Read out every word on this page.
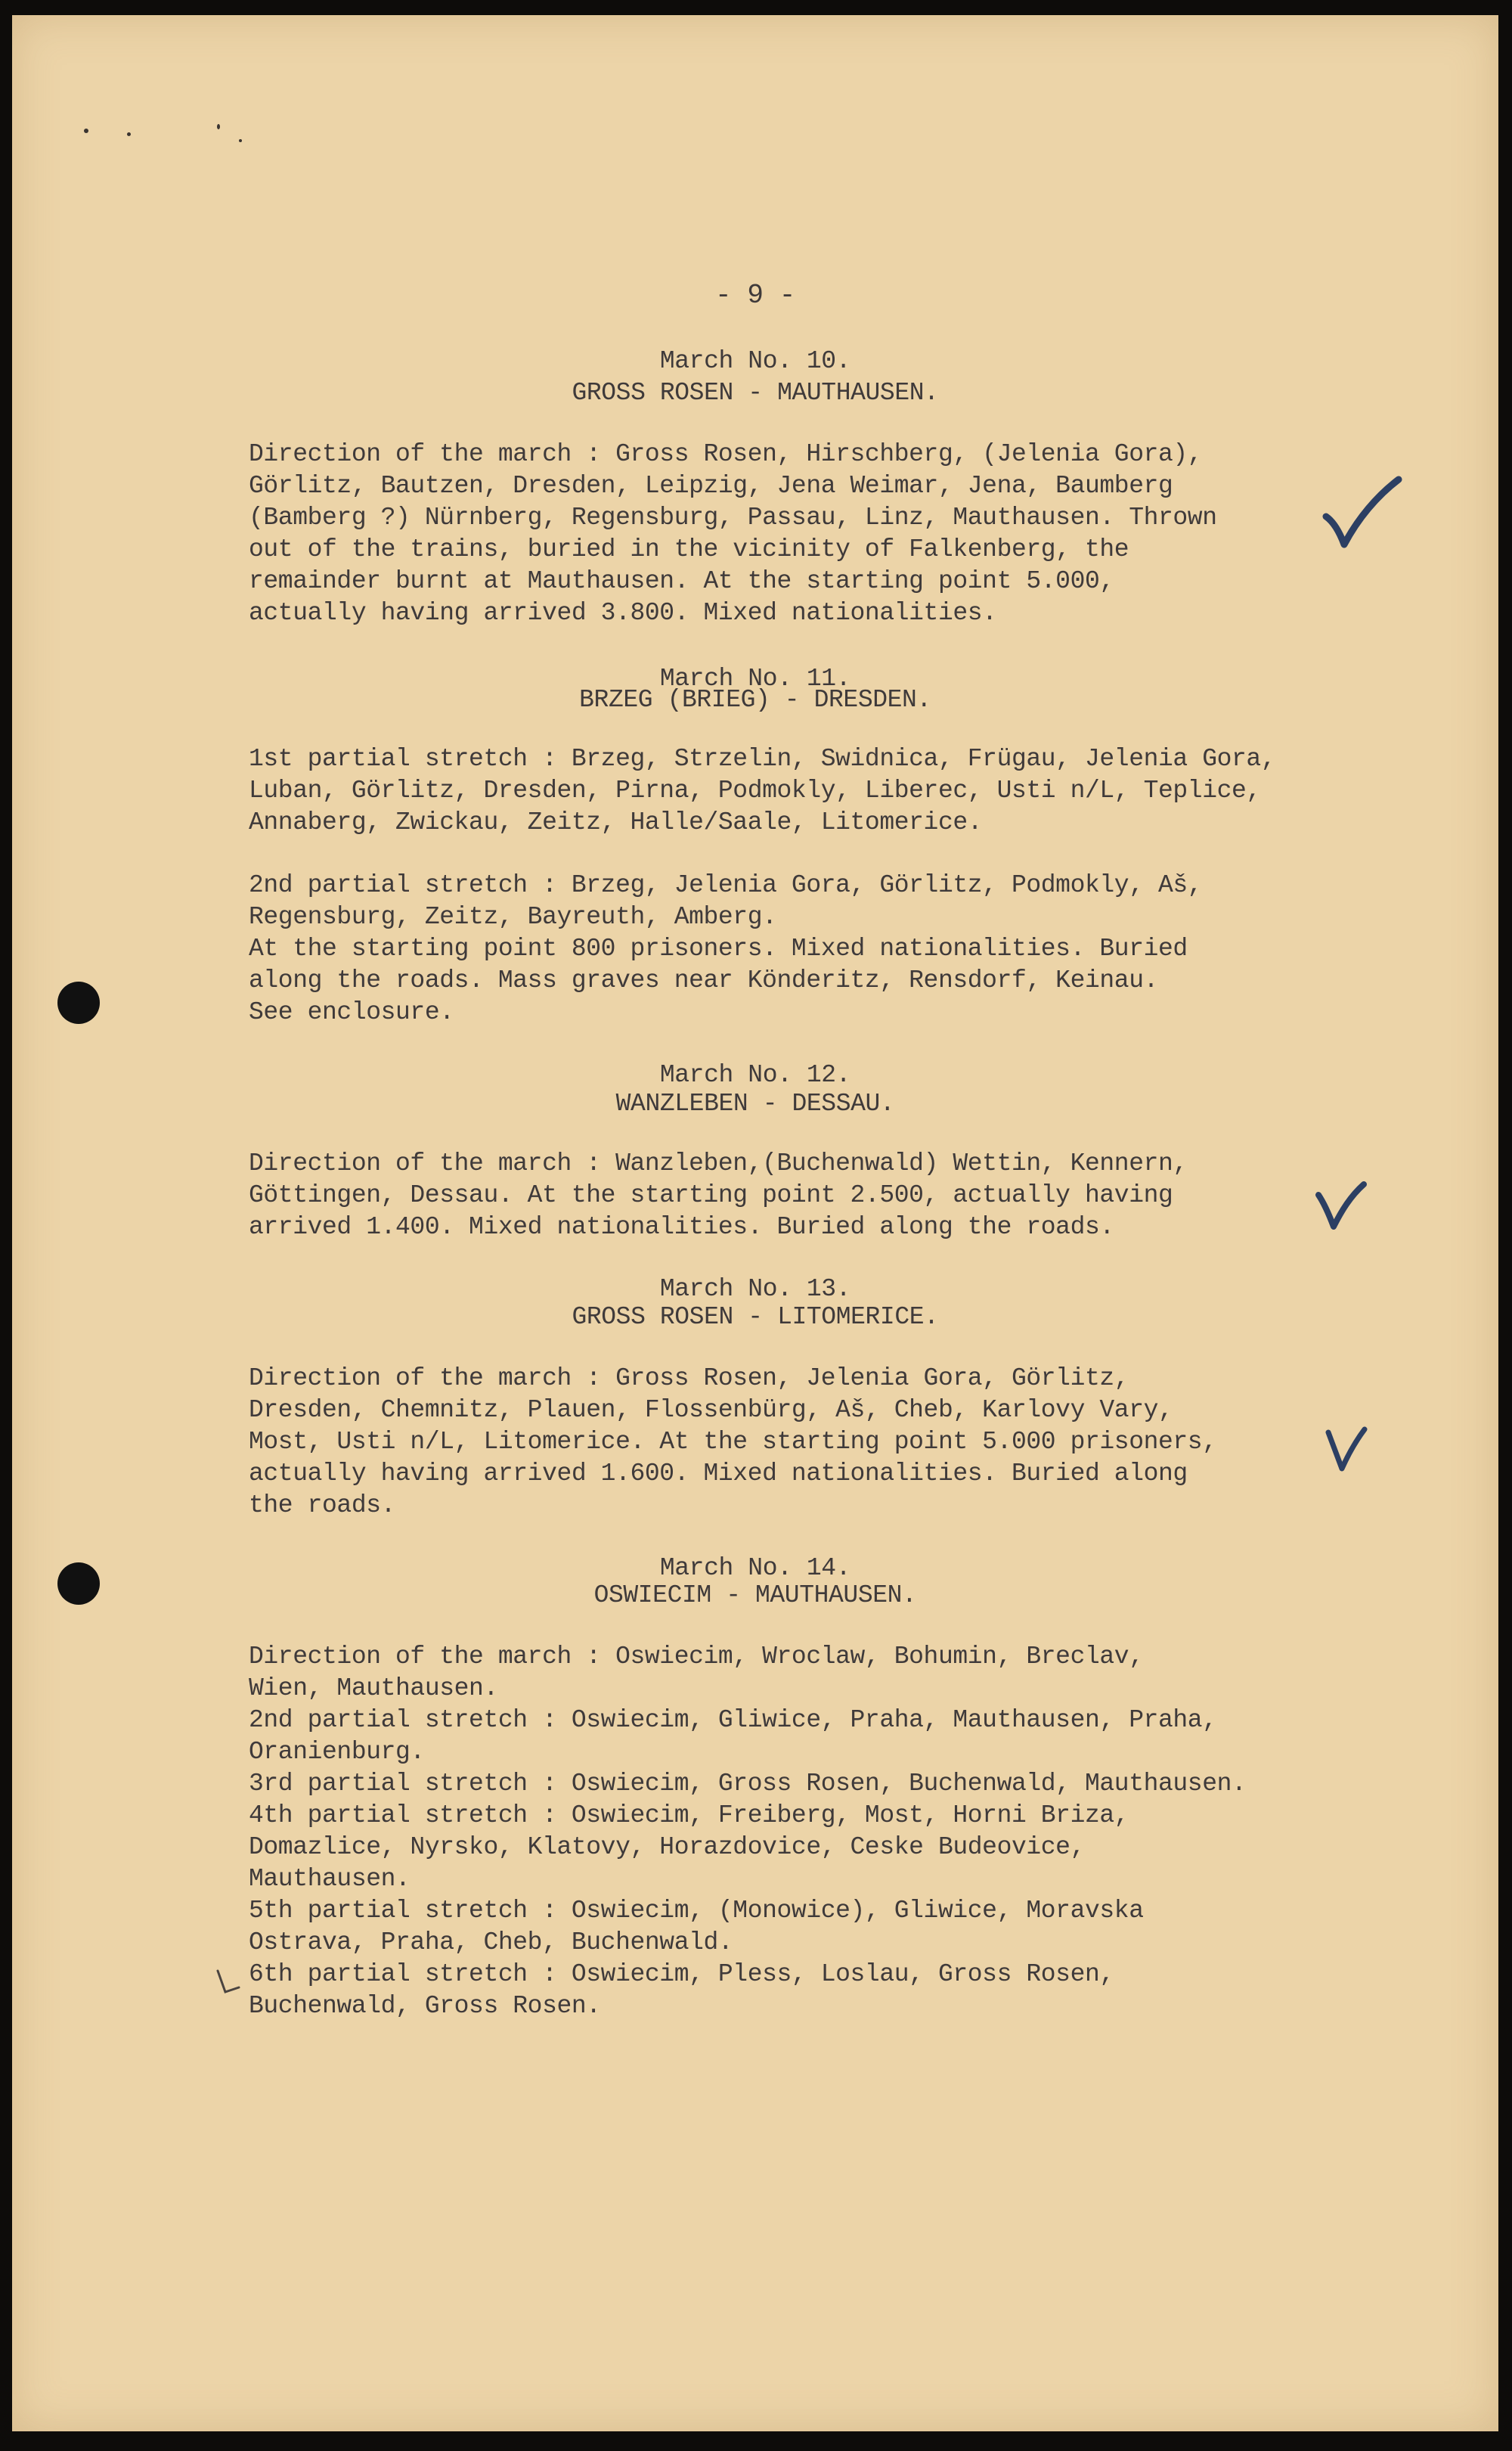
- 9 -

March No. 10.

GROSS ROSEN - MAUTHAUSEN.

Direction of the march : Gross Rosen, Hirschberg, (Jelenia Gora),
Görlitz, Bautzen, Dresden, Leipzig, Jena Weimar, Jena, Baumberg
(Bamberg ?) Nürnberg, Regensburg, Passau, Linz, Mauthausen. Thrown
out of the trains, buried in the vicinity of Falkenberg, the
remainder burnt at Mauthausen. At the starting point 5.000,
actually having arrived 3.800. Mixed nationalities.

March No. 11.

BRZEG (BRIEG) - DRESDEN.

1st partial stretch : Brzeg, Strzelin, Swidnica, Frügau, Jelenia Gora,
Luban, Görlitz, Dresden, Pirna, Podmokly, Liberec, Usti n/L, Teplice,
Annaberg, Zwickau, Zeitz, Halle/Saale, Litomerice.

2nd partial stretch : Brzeg, Jelenia Gora, Görlitz, Podmokly, Aš,
Regensburg, Zeitz, Bayreuth, Amberg.
At the starting point 800 prisoners. Mixed nationalities. Buried
along the roads. Mass graves near Könderitz, Rensdorf, Keinau.
See enclosure.

March No. 12.

WANZLEBEN - DESSAU.

Direction of the march : Wanzleben,(Buchenwald) Wettin, Kennern,
Göttingen, Dessau. At the starting point 2.500, actually having
arrived 1.400. Mixed nationalities. Buried along the roads.

March No. 13.

GROSS ROSEN - LITOMERICE.

Direction of the march : Gross Rosen, Jelenia Gora, Görlitz,
Dresden, Chemnitz, Plauen, Flossenbürg, Aš, Cheb, Karlovy Vary,
Most, Usti n/L, Litomerice. At the starting point 5.000 prisoners,
actually having arrived 1.600. Mixed nationalities. Buried along
the roads.

March No. 14.

OSWIECIM - MAUTHAUSEN.

Direction of the march : Oswiecim, Wroclaw, Bohumin, Breclav,
Wien, Mauthausen.
2nd partial stretch : Oswiecim, Gliwice, Praha, Mauthausen, Praha,
Oranienburg.
3rd partial stretch : Oswiecim, Gross Rosen, Buchenwald, Mauthausen.
4th partial stretch : Oswiecim, Freiberg, Most, Horni Briza,
Domazlice, Nyrsko, Klatovy, Horazdovice, Ceske Budeovice,
Mauthausen.
5th partial stretch : Oswiecim, (Monowice), Gliwice, Moravska
Ostrava, Praha, Cheb, Buchenwald.
6th partial stretch : Oswiecim, Pless, Loslau, Gross Rosen,
Buchenwald, Gross Rosen.
